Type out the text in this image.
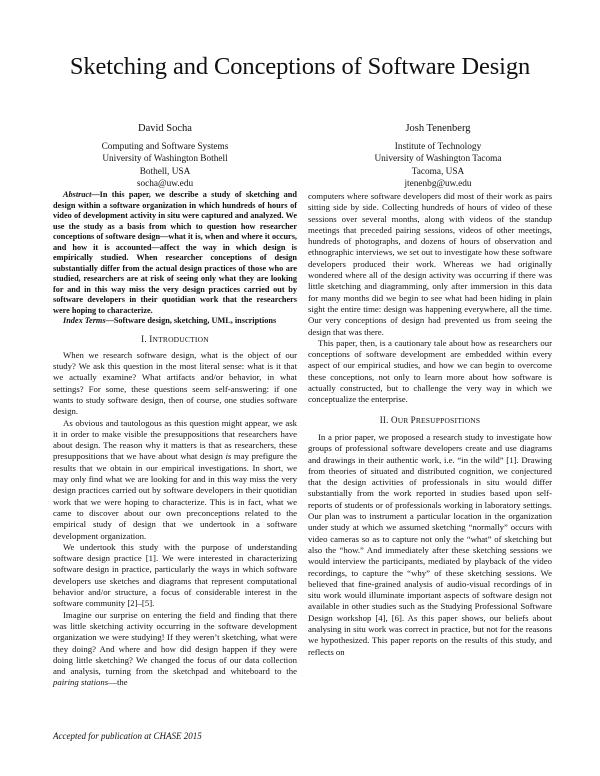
Sketching and Conceptions of Software Design
David Socha
Computing and Software Systems
University of Washington Bothell
Bothell, USA
socha@uw.edu
Josh Tenenberg
Institute of Technology
University of Washington Tacoma
Tacoma, USA
jtenenbg@uw.edu

Abstract—In this paper, we describe a study of sketching and design within a software organization in which hundreds of hours of video of development activity in situ were captured and analyzed. We use the study as a basis from which to question how researcher conceptions of software design—what it is, when and where it occurs, and how it is accounted—affect the way in which design is empirically studied. When researcher conceptions of design substantially differ from the actual design practices of those who are studied, researchers are at risk of seeing only what they are looking for and in this way miss the very design practices carried out by software developers in their quotidian work that the researchers were hoping to characterize.

Index Terms—Software design, sketching, UML, inscriptions

I. INTRODUCTION

When we research software design, what is the object of our study? We ask this question in the most literal sense: what is it that we actually examine? What artifacts and/or behavior, in what settings? For some, these questions seem self-answering: if one wants to study software design, then of course, one studies software design.

As obvious and tautologous as this question might appear, we ask it in order to make visible the presuppositions that researchers have about design. The reason why it matters is that as researchers, these presuppositions that we have about what design is may prefigure the results that we obtain in our empirical investigations. In short, we may only find what we are looking for and in this way miss the very design practices carried out by software developers in their quotidian work that we were hoping to characterize. This is in fact, what we came to discover about our own preconceptions related to the empirical study of design that we undertook in a software development organization.

We undertook this study with the purpose of understanding software design practice [1]. We were interested in characterizing software design in practice, particularly the ways in which software developers use sketches and diagrams that represent computational behavior and/or structure, a focus of considerable interest in the software community [2]–[5].

Imagine our surprise on entering the field and finding that there was little sketching activity occurring in the software development organization we were studying! If they weren’t sketching, what were they doing? And where and how did design happen if they were doing little sketching? We changed the focus of our data collection and analysis, turning from the sketchpad and whiteboard to the pairing stations—the

computers where software developers did most of their work as pairs sitting side by side. Collecting hundreds of hours of video of these sessions over several months, along with videos of the standup meetings that preceded pairing sessions, videos of other meetings, hundreds of photographs, and dozens of hours of observation and ethnographic interviews, we set out to investigate how these software developers produced their work. Whereas we had originally wondered where all of the design activity was occurring if there was little sketching and diagramming, only after immersion in this data for many months did we begin to see what had been hiding in plain sight the entire time: design was happening everywhere, all the time. Our very conceptions of design had prevented us from seeing the design that was there.

This paper, then, is a cautionary tale about how as researchers our conceptions of software development are embedded within every aspect of our empirical studies, and how we can begin to overcome these conceptions, not only to learn more about how software is actually constructed, but to challenge the very way in which we conceptualize the enterprise.

II. OUR PRESUPPOSITIONS

In a prior paper, we proposed a research study to investigate how groups of professional software developers create and use diagrams and drawings in their authentic work, i.e. “in the wild” [1]. Drawing from theories of situated and distributed cognition, we conjectured that the design activities of professionals in situ would differ substantially from the work reported in studies based upon self-reports of students or of professionals working in laboratory settings. Our plan was to instrument a particular location in the organization under study at which we assumed sketching “normally” occurs with video cameras so as to capture not only the “what” of sketching but also the “how.” And immediately after these sketching sessions we would interview the participants, mediated by playback of the video recordings, to capture the “why” of these sketching sessions. We believed that fine-grained analysis of audio-visual recordings of in situ work would illuminate important aspects of software design not available in other studies such as the Studying Professional Software Design workshop [4], [6]. As this paper shows, our beliefs about analysing in situ work was correct in practice, but not for the reasons we hypothesized. This paper reports on the results of this study, and reflects on

Accepted for publication at CHASE 2015
